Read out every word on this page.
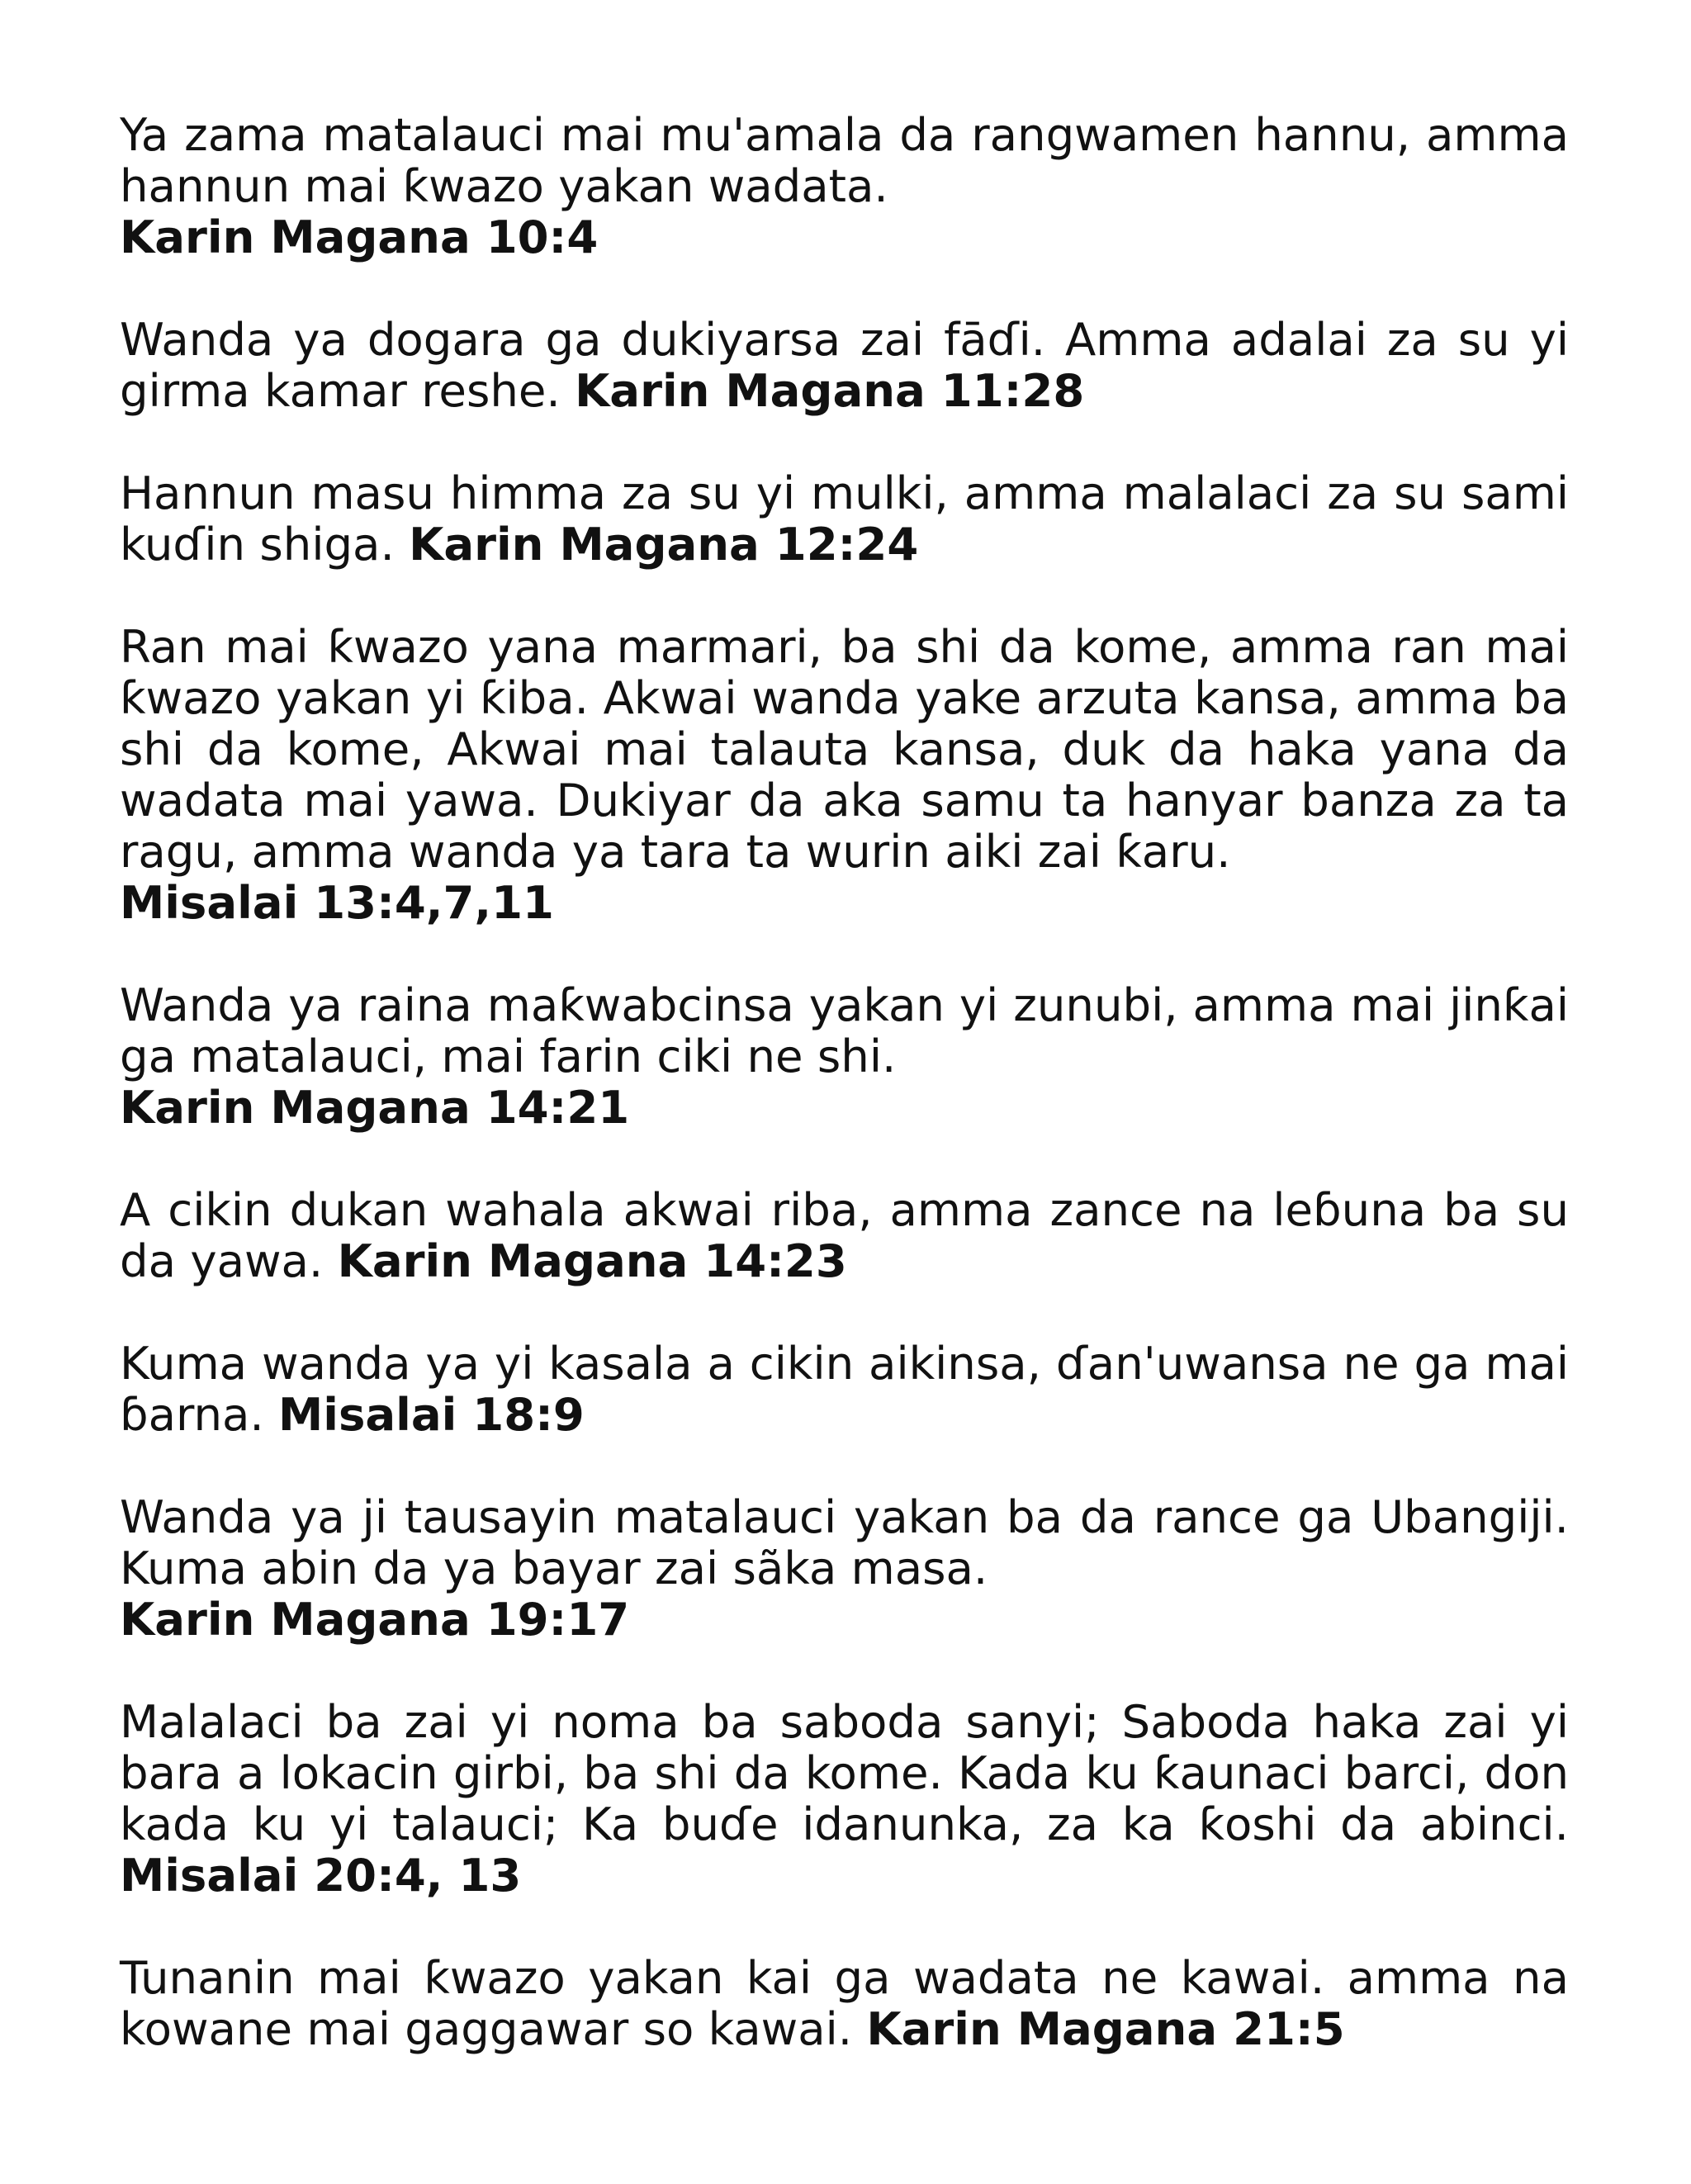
Ya zama matalauci mai mu'amala da rangwamen hannu, amma hannun mai ƙwazo yakan wadata.
Karin Magana 10:4

Wanda ya dogara ga dukiyarsa zai fāɗi. Amma adalai za su yi girma kamar reshe. Karin Magana 11:28

Hannun masu himma za su yi mulki, amma malalaci za su sami kuɗin shiga. Karin Magana 12:24

Ran mai ƙwazo yana marmari, ba shi da kome, amma ran mai ƙwazo yakan yi ƙiba. Akwai wanda yake arzuta kansa, amma ba shi da kome, Akwai mai talauta kansa, duk da haka yana da wadata mai yawa. Dukiyar da aka samu ta hanyar banza za ta ragu, amma wanda ya tara ta wurin aiki zai ƙaru.
Misalai 13:4,7,11

Wanda ya raina maƙwabcinsa yakan yi zunubi, amma mai jinƙai ga matalauci, mai farin ciki ne shi.
Karin Magana 14:21

A cikin dukan wahala akwai riba, amma zance na leɓuna ba su da yawa. Karin Magana 14:23

Kuma wanda ya yi kasala a cikin aikinsa, ɗan'uwansa ne ga mai ɓarna. Misalai 18:9

Wanda ya ji tausayin matalauci yakan ba da rance ga Ubangiji. Kuma abin da ya bayar zai sãka masa.
Karin Magana 19:17

Malalaci ba zai yi noma ba saboda sanyi; Saboda haka zai yi bara a lokacin girbi, ba shi da kome. Kada ku ƙaunaci barci, don kada ku yi talauci; Ka buɗe idanunka, za ka ƙoshi da abinci. Misalai 20:4, 13

Tunanin mai ƙwazo yakan kai ga wadata ne kawai. amma na kowane mai gaggawar so kawai. Karin Magana 21:5
